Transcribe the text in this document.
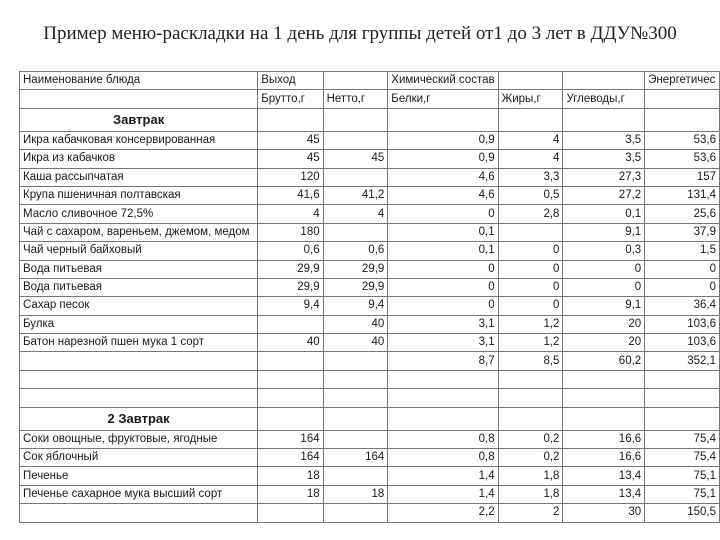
Пример меню-раскладки на 1 день для группы детей от1 до 3 лет в ДДУ№300
Наименование блюда	Выход		Химический состав			Энергетичес
	Брутто,г	Нетто,г	Белки,г	Жиры,г	Углеводы,г	
Завтрак						
Икра кабачковая консервированная	45		0,9	4	3,5	53,6
Икра из кабачков	45	45	0,9	4	3,5	53,6
Каша рассыпчатая	120		4,6	3,3	27,3	157
Крупа пшеничная полтавская	41,6	41,2	4,6	0,5	27,2	131,4
Масло сливочное 72,5%	4	4	0	2,8	0,1	25,6
Чай с сахаром, вареньем, джемом, медом	180		0,1		9,1	37,9
Чай черный байховый	0,6	0,6	0,1	0	0,3	1,5
Вода питьевая	29,9	29,9	0	0	0	0
Вода питьевая	29,9	29,9	0	0	0	0
Сахар песок	9,4	9,4	0	0	9,1	36,4
Булка		40	3,1	1,2	20	103,6
Батон нарезной пшен мука 1 сорт	40	40	3,1	1,2	20	103,6
			8,7	8,5	60,2	352,1

2 Завтрак						
Соки овощные, фруктовые, ягодные	164		0,8	0,2	16,6	75,4
Сок яблочный	164	164	0,8	0,2	16,6	75,4
Печенье	18		1,4	1,8	13,4	75,1
Печенье сахарное мука высший сорт	18	18	1,4	1,8	13,4	75,1
			2,2	2	30	150,5
